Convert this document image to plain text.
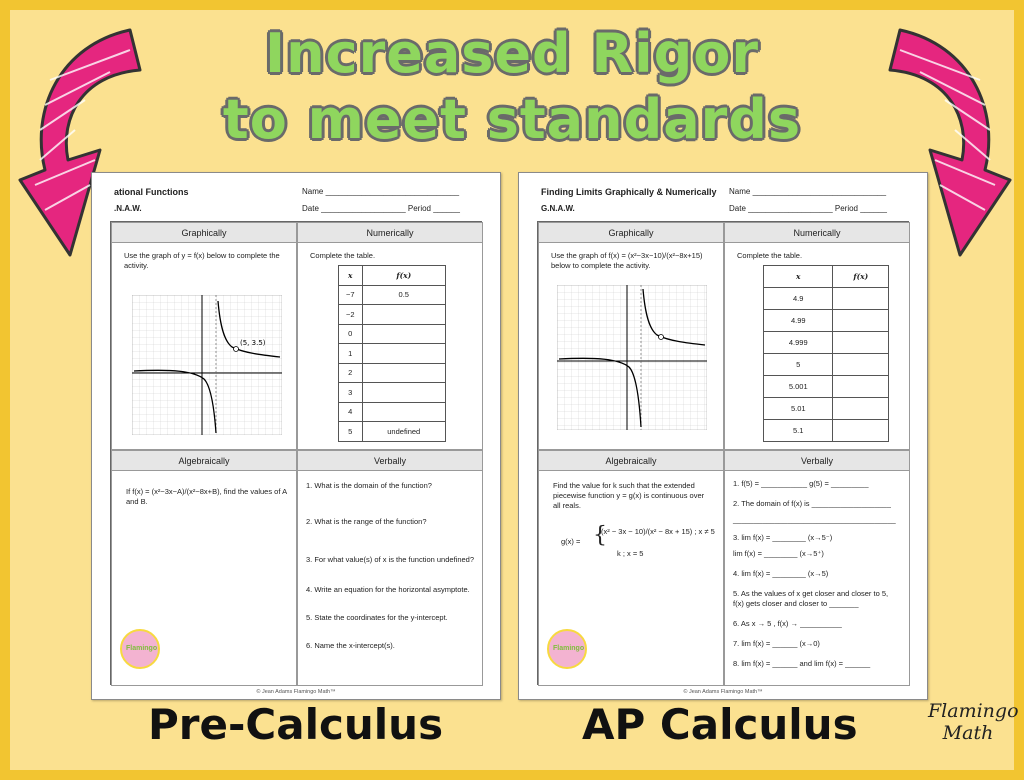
Increased Rigor
to meet standards
ational Functions
.N.A.W.
Name ______________________________
Date ___________________ Period ______
Graphically
Use the graph of y = f(x) below to complete the activity.
(5, 3.5)
Numerically
Complete the table.
x	f(x)
−7	0.5
−2	
0	
1	
2	
3	
4	
5	undefined
Algebraically
If f(x) = (x²−3x−A)/(x²−8x+B), find the values of A and B.
Flamingo
Verbally
1. What is the domain of the function?
2. What is the range of the function?
3. For what value(s) of x is the function undefined?
4. Write an equation for the horizontal asymptote.
5. State the coordinates for the y-intercept.
6. Name the x-intercept(s).
© Jean Adams Flamingo Math™
Finding Limits Graphically & Numerically
G.N.A.W.
Name ______________________________
Date ___________________ Period ______
Graphically
Use the graph of f(x) = (x²−3x−10)/(x²−8x+15) below to complete the activity.
Numerically
Complete the table.
x	f(x)
4.9	
4.99	
4.999	
5	
5.001	
5.01	
5.1	
Algebraically
Find the value for k such that the extended piecewise function y = g(x) is continuous over all reals.
g(x) = {
(x² − 3x − 10)/(x² − 8x + 15) ; x ≠ 5
k ; x = 5
Flamingo
Verbally
1. f(5) = ___________ g(5) = _________
2. The domain of f(x) is ___________________
_______________________________________
3. lim f(x) = ________ (x→5⁻)
lim f(x) = ________ (x→5⁺)
4. lim f(x) = ________ (x→5)
5. As the values of x get closer and closer to 5,
f(x) gets closer and closer to _______
6. As x → 5 , f(x) → __________
7. lim f(x) = ______ (x→0)
8. lim f(x) = ______ and lim f(x) = ______
© Jean Adams Flamingo Math™
Pre-Calculus	AP Calculus	Flamingo
Math
